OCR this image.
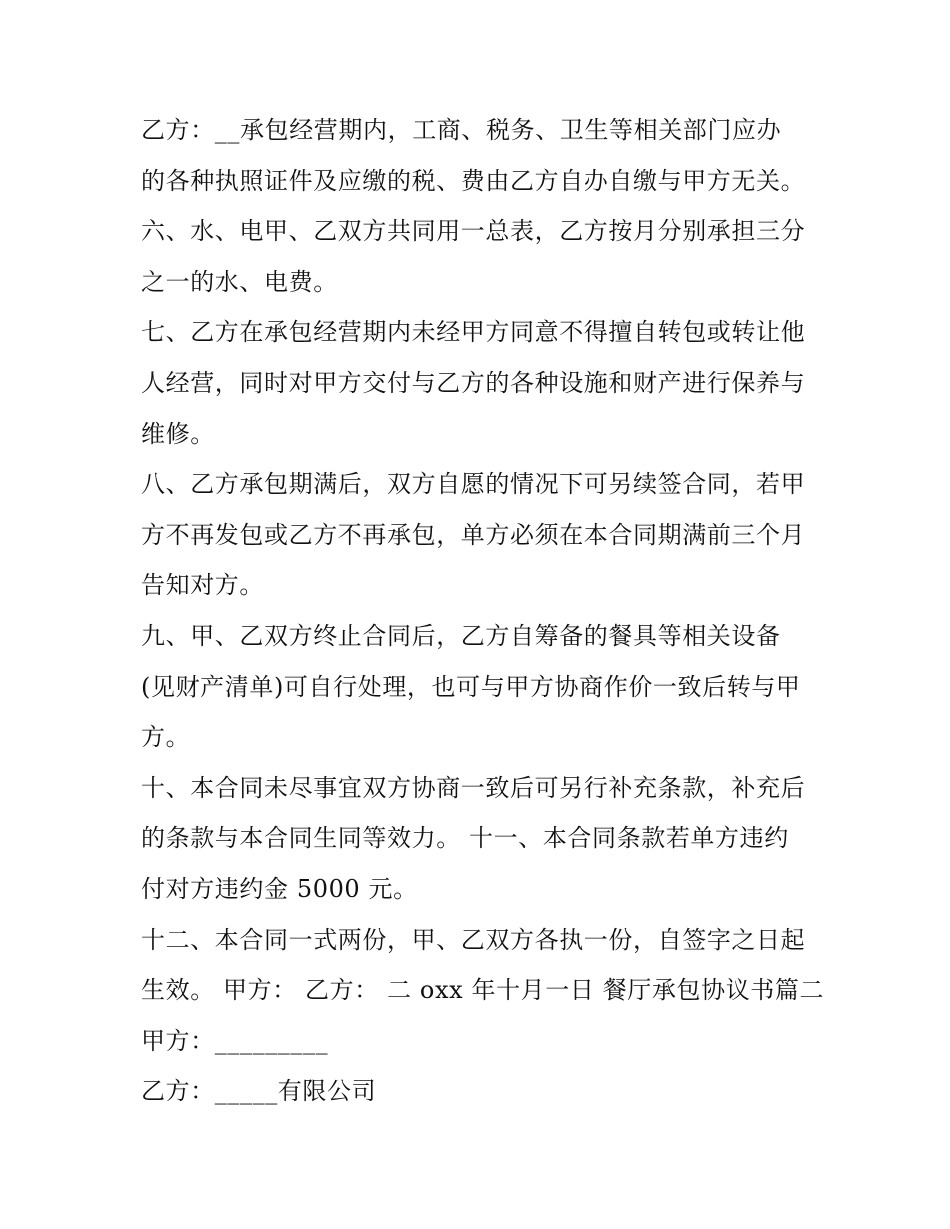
乙方：__承包经营期内，工商、税务、卫生等相关部门应办
的各种执照证件及应缴的税、费由乙方自办自缴与甲方无关。
六、水、电甲、乙双方共同用一总表，乙方按月分别承担三分
之一的水、电费。
七、乙方在承包经营期内未经甲方同意不得擅自转包或转让他
人经营，同时对甲方交付与乙方的各种设施和财产进行保养与
维修。
八、乙方承包期满后，双方自愿的情况下可另续签合同，若甲
方不再发包或乙方不再承包，单方必须在本合同期满前三个月
告知对方。
九、甲、乙双方终止合同后，乙方自筹备的餐具等相关设备
(见财产清单)可自行处理，也可与甲方协商作价一致后转与甲
方。
十、本合同未尽事宜双方协商一致后可另行补充条款，补充后
的条款与本合同生同等效力。 十一、本合同条款若单方违约
付对方违约金 5000 元。
十二、本合同一式两份，甲、乙双方各执一份，自签字之日起
生效。 甲方： 乙方： 二 oxx 年十月一日 餐厅承包协议书篇二
甲方：_________
乙方：_____有限公司
